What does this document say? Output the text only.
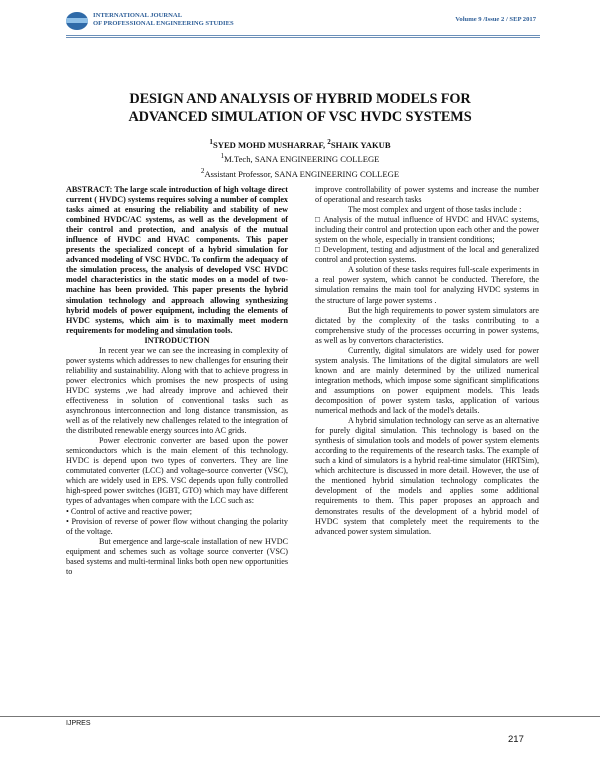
INTERNATIONAL JOURNAL
OF PROFESSIONAL ENGINEERING STUDIES
Volume 9 /Issue 2 / SEP 2017
DESIGN AND ANALYSIS OF HYBRID MODELS FOR
ADVANCED SIMULATION OF VSC HVDC SYSTEMS
$^1$SYED MOHD MUSHARRAF, $^2$SHAIK YAKUB
$^1$M.Tech, SANA ENGINEERING COLLEGE
$^2$Assistant Professor, SANA ENGINEERING COLLEGE

ABSTRACT: The large scale introduction of high voltage direct current ( HVDC) systems requires solving a number of complex tasks aimed at ensuring the reliability and stability of new combined HVDC/AC systems, as well as the development of their control and protection, and analysis of the mutual influence of HVDC and HVAC components. This paper presents the specialized concept of a hybrid simulation for advanced modeling of VSC HVDC. To confirm the adequacy of the simulation process, the analysis of developed VSC HVDC model characteristics in the static modes on a model of two-machine has been provided. This paper presents the hybrid simulation technology and approach allowing synthesizing hybrid models of power equipment, including the elements of HVDC systems, which aim is to maximally meet modern requirements for modeling and simulation tools.

INTRODUCTION

In recent year we can see the increasing in complexity of power systems which addresses to new challenges for ensuring their reliability and sustainability. Along with that to achieve progress in power electronics which promises the new prospects of using HVDC systems ,we had already improve and achieved their effectiveness in solution of conventional tasks such as asynchronous interconnection and long distance transmission, as well as of the relatively new challenges related to the integration of the distributed renewable energy sources into AC grids.

Power electronic converter are based upon the power semiconductors which is the main element of this technology. HVDC is depend upon two types of converters. They are line commutated converter (LCC) and voltage-source converter (VSC), which are widely used in EPS. VSC depends upon fully controlled high-speed power switches (IGBT, GTO) which may have different types of advantages when compare with the LCC such as:

• Control of active and reactive power;

• Provision of reverse of power flow without changing the polarity of the voltage.

But emergence and large-scale installation of new HVDC equipment and schemes such as voltage source converter (VSC) based systems and multi-terminal links both open new opportunities to

improve controllability of power systems and increase the number of operational and research tasks

The most complex and urgent of those tasks include :

□ Analysis of the mutual influence of HVDC and HVAC systems, including their control and protection upon each other and the power system on the whole, especially in transient conditions;

□ Development, testing and adjustment of the local and generalized control and protection systems.

A solution of these tasks requires full-scale experiments in a real power system, which cannot be conducted. Therefore, the simulation remains the main tool for analyzing HVDC systems in the structure of large power systems .

But the high requirements to power system simulators are dictated by the complexity of the tasks contributing to a comprehensive study of the processes occurring in power systems, as well as by convertors characteristics.

Currently, digital simulators are widely used for power system analysis. The limitations of the digital simulators are well known and are mainly determined by the utilized numerical integration methods, which impose some significant simplifications and assumptions on power equipment models. This leads decomposition of power system tasks, application of various numerical methods and lack of the model's details.

A hybrid simulation technology can serve as an alternative for purely digital simulation. This technology is based on the synthesis of simulation tools and models of power system elements according to the requirements of the research tasks. The example of such a kind of simulators is a hybrid real-time simulator (HRTSim), which architecture is discussed in more detail. However, the use of the mentioned hybrid simulation technology complicates the development of the models and applies some additional requirements to them. This paper proposes an approach and demonstrates results of the development of a hybrid model of HVDC system that completely meet the requirements to the advanced power system simulation.

IJPRES
217
